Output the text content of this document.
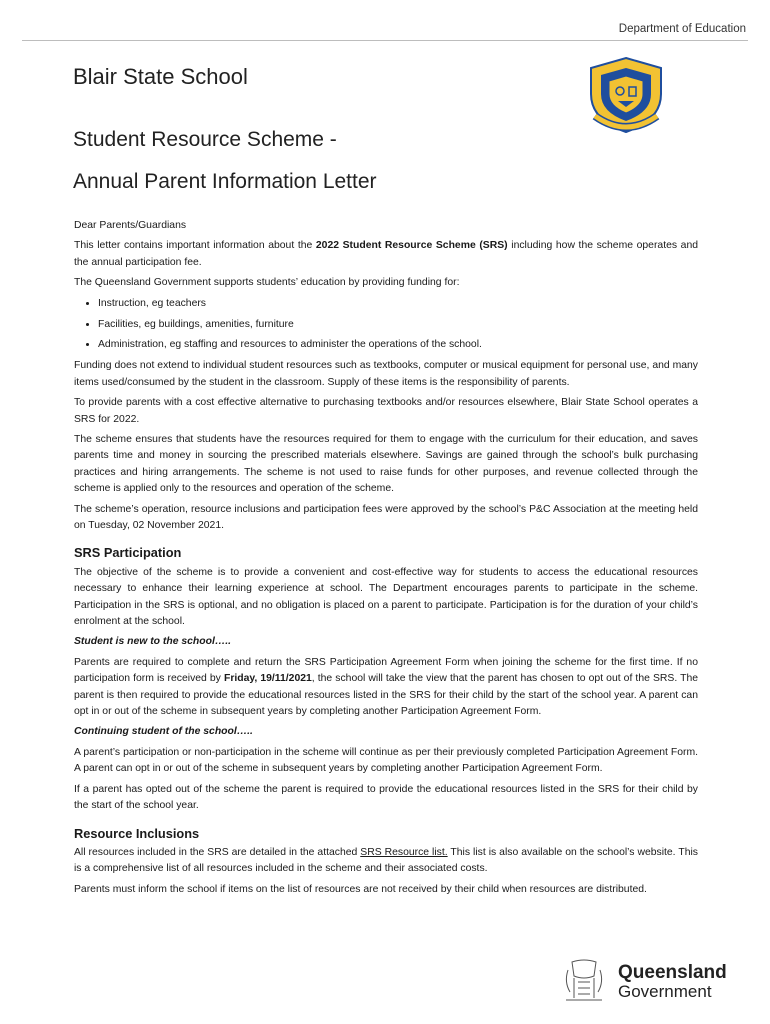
Department of Education
Blair State School
Student Resource Scheme -
Annual Parent Information Letter

Dear Parents/Guardians

This letter contains important information about the 2022 Student Resource Scheme (SRS) including how the scheme operates and the annual participation fee.

The Queensland Government supports students’ education by providing funding for:

• Instruction, eg teachers
• Facilities, eg buildings, amenities, furniture
• Administration, eg staffing and resources to administer the operations of the school.

Funding does not extend to individual student resources such as textbooks, computer or musical equipment for personal use, and many items used/consumed by the student in the classroom. Supply of these items is the responsibility of parents.

To provide parents with a cost effective alternative to purchasing textbooks and/or resources elsewhere, Blair State School operates a SRS for 2022.

The scheme ensures that students have the resources required for them to engage with the curriculum for their education, and saves parents time and money in sourcing the prescribed materials elsewhere. Savings are gained through the school’s bulk purchasing practices and hiring arrangements. The scheme is not used to raise funds for other purposes, and revenue collected through the scheme is applied only to the resources and operation of the scheme.

The scheme’s operation, resource inclusions and participation fees were approved by the school’s P&C Association at the meeting held on Tuesday, 02 November 2021.

SRS Participation

The objective of the scheme is to provide a convenient and cost-effective way for students to access the educational resources necessary to enhance their learning experience at school. The Department encourages parents to participate in the scheme. Participation in the SRS is optional, and no obligation is placed on a parent to participate. Participation is for the duration of your child’s enrolment at the school.

Student is new to the school…..

Parents are required to complete and return the SRS Participation Agreement Form when joining the scheme for the first time. If no participation form is received by Friday, 19/11/2021, the school will take the view that the parent has chosen to opt out of the SRS. The parent is then required to provide the educational resources listed in the SRS for their child by the start of the school year. A parent can opt in or out of the scheme in subsequent years by completing another Participation Agreement Form.

Continuing student of the school…..

A parent’s participation or non-participation in the scheme will continue as per their previously completed Participation Agreement Form. A parent can opt in or out of the scheme in subsequent years by completing another Participation Agreement Form.

If a parent has opted out of the scheme the parent is required to provide the educational resources listed in the SRS for their child by the start of the school year.

Resource Inclusions

All resources included in the SRS are detailed in the attached SRS Resource list. This list is also available on the school’s website. This is a comprehensive list of all resources included in the scheme and their associated costs.

Parents must inform the school if items on the list of resources are not received by their child when resources are distributed.

Queensland
Government
